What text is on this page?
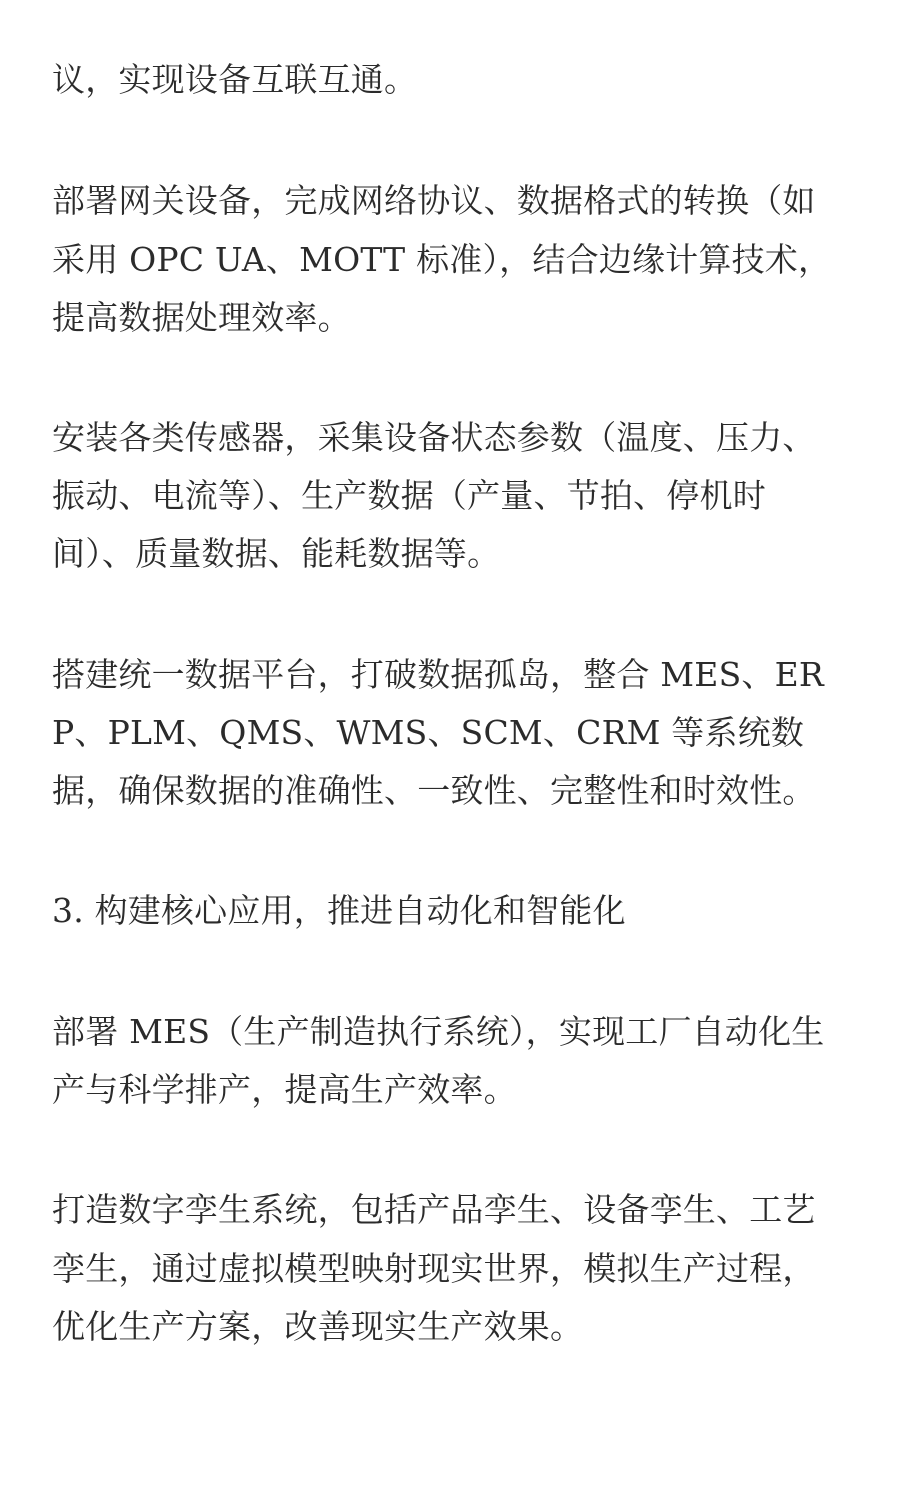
议，实现设备互联互通。
部署网关设备，完成网络协议、数据格式的转换（如
采用 OPC UA、MOTT 标准），结合边缘计算技术，
提高数据处理效率。
安装各类传感器，采集设备状态参数（温度、压力、
振动、电流等）、生产数据（产量、节拍、停机时
间）、质量数据、能耗数据等。
搭建统一数据平台，打破数据孤岛，整合 MES、ER
P、PLM、QMS、WMS、SCM、CRM 等系统数
据，确保数据的准确性、一致性、完整性和时效性。
3. 构建核心应用，推进自动化和智能化
部署 MES（生产制造执行系统），实现工厂自动化生
产与科学排产，提高生产效率。
打造数字孪生系统，包括产品孪生、设备孪生、工艺
孪生，通过虚拟模型映射现实世界，模拟生产过程，
优化生产方案，改善现实生产效果。
